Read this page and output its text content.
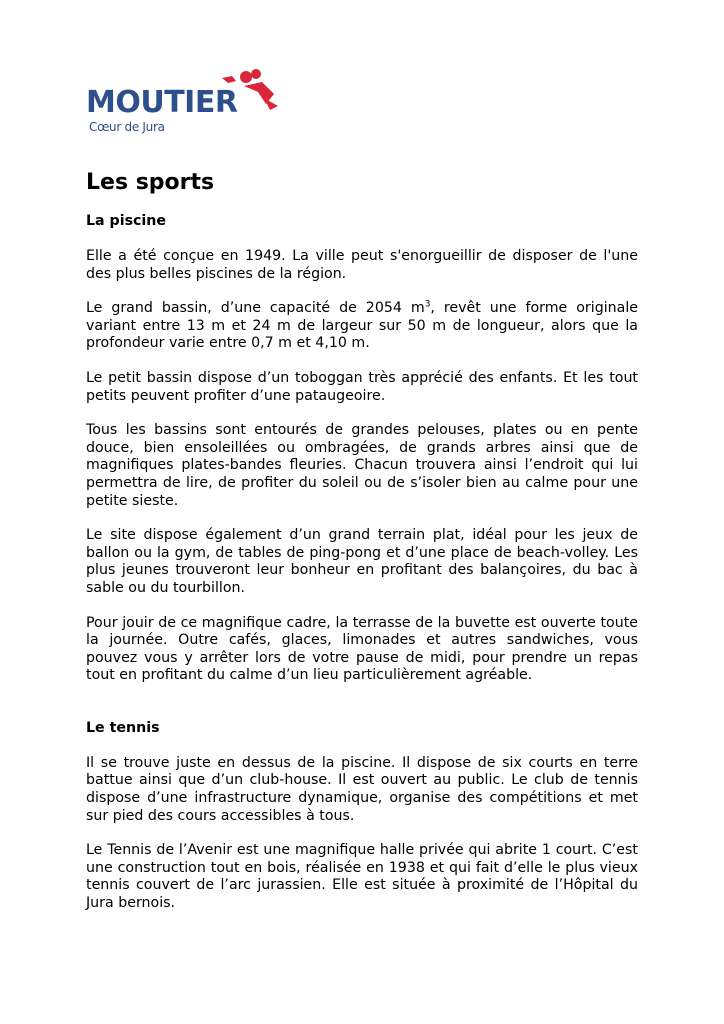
MOUTIER
Cœur de Jura
Les sports
La piscine

Elle a été conçue en 1949. La ville peut s'enorgueillir de disposer de l'une des plus belles piscines de la région.

Le grand bassin, d’une capacité de 2054 $m^3$, revêt une forme originale variant entre 13 m et 24 m de largeur sur 50 m de longueur, alors que la profondeur varie entre 0,7 m et 4,10 m.

Le petit bassin dispose d’un toboggan très apprécié des enfants. Et les tout petits peuvent profiter d’une pataugeoire.

Tous les bassins sont entourés de grandes pelouses, plates ou en pente douce, bien ensoleillées ou ombragées, de grands arbres ainsi que de magnifiques plates-bandes fleuries. Chacun trouvera ainsi l’endroit qui lui permettra de lire, de profiter du soleil ou de s’isoler bien au calme pour une petite sieste.

Le site dispose également d’un grand terrain plat, idéal pour les jeux de ballon ou la gym, de tables de ping-pong et d’une place de beach-volley. Les plus jeunes trouveront leur bonheur en profitant des balançoires, du bac à sable ou du tourbillon.

Pour jouir de ce magnifique cadre, la terrasse de la buvette est ouverte toute la journée. Outre cafés, glaces, limonades et autres sandwiches, vous pouvez vous y arrêter lors de votre pause de midi, pour prendre un repas tout en profitant du calme d’un lieu particulièrement agréable.

Le tennis

Il se trouve juste en dessus de la piscine. Il dispose de six courts en terre battue ainsi que d’un club-house. Il est ouvert au public. Le club de tennis dispose d’une infrastructure dynamique, organise des compétitions et met sur pied des cours accessibles à tous.

Le Tennis de l’Avenir est une magnifique halle privée qui abrite 1 court. C’est une construction tout en bois, réalisée en 1938 et qui fait d’elle le plus vieux tennis couvert de l’arc jurassien. Elle est située à proximité de l’Hôpital du Jura bernois.
